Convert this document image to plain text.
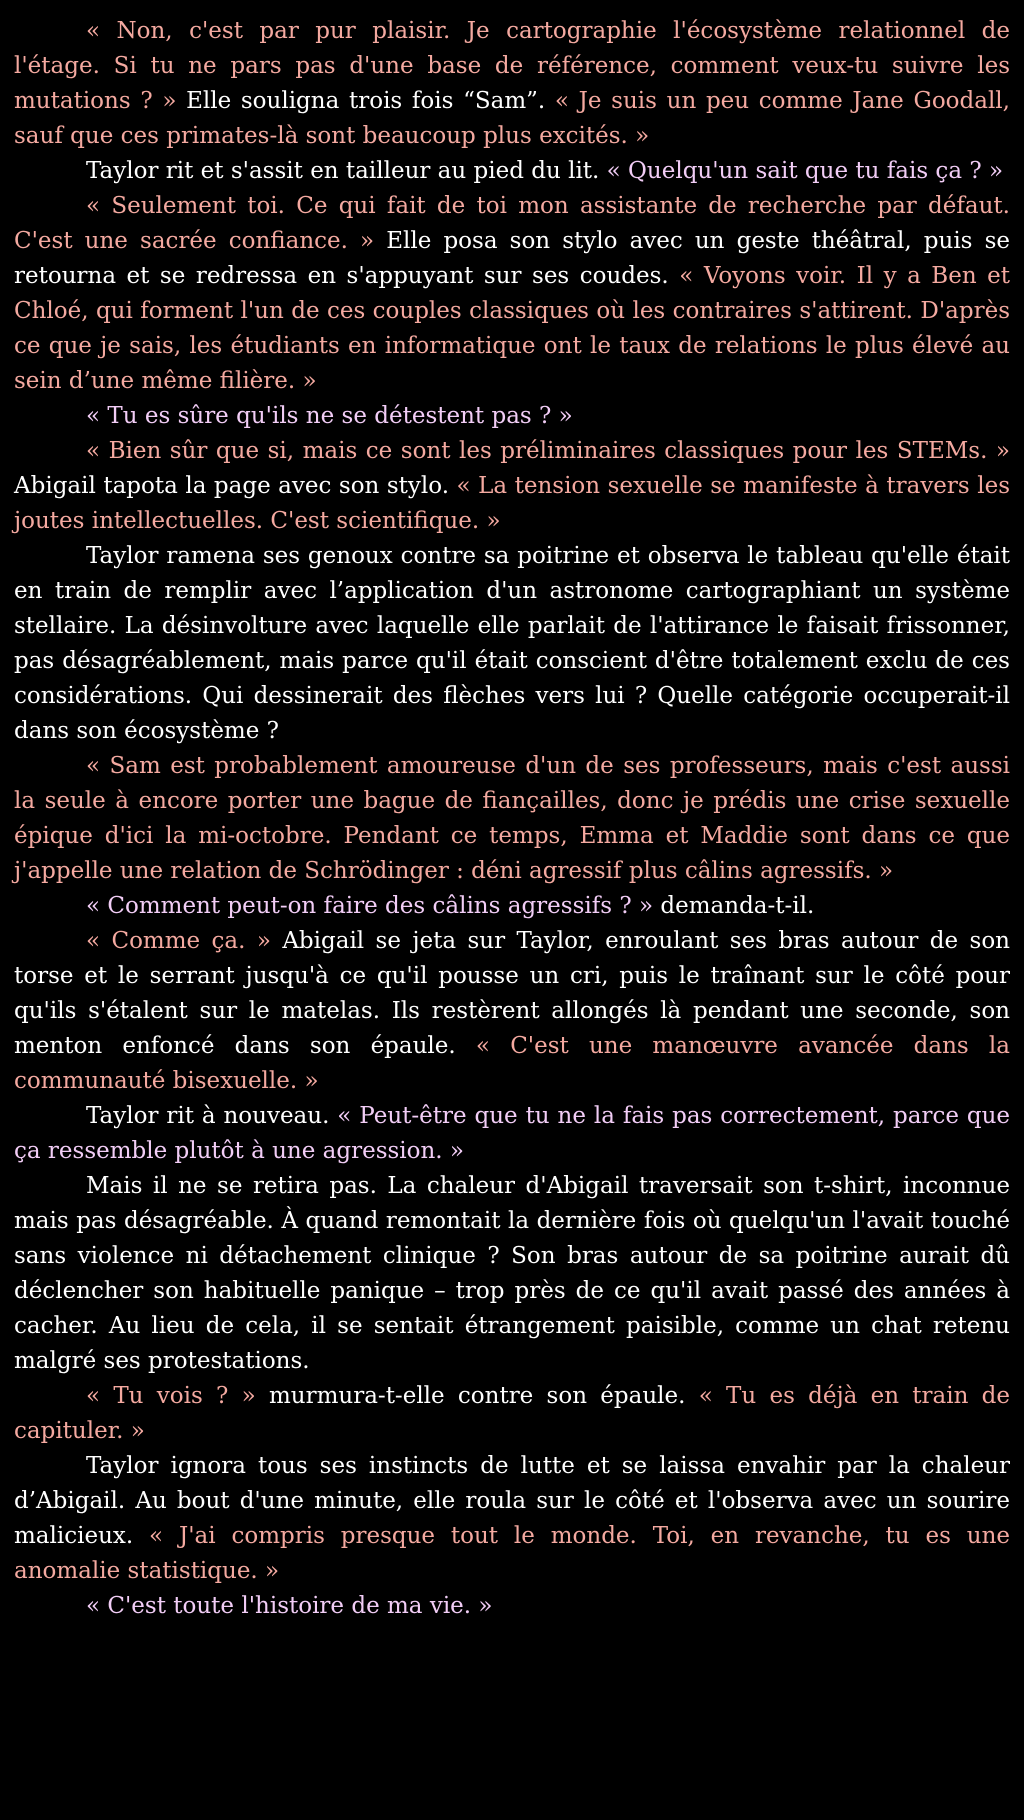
« Non, c'est par pur plaisir. Je cartographie l'écosystème relationnel de l'étage. Si tu ne pars pas d'une base de référence, comment veux-tu suivre les mutations ? » Elle souligna trois fois “Sam”. « Je suis un peu comme Jane Goodall, sauf que ces primates-là sont beaucoup plus excités. »

Taylor rit et s'assit en tailleur au pied du lit. « Quelqu'un sait que tu fais ça ? »

« Seulement toi. Ce qui fait de toi mon assistante de recherche par défaut. C'est une sacrée confiance. » Elle posa son stylo avec un geste théâtral, puis se retourna et se redressa en s'appuyant sur ses coudes. « Voyons voir. Il y a Ben et Chloé, qui forment l'un de ces couples classiques où les contraires s'attirent. D'après ce que je sais, les étudiants en informatique ont le taux de relations le plus élevé au sein d’une même filière. »

« Tu es sûre qu'ils ne se détestent pas ? »

« Bien sûr que si, mais ce sont les préliminaires classiques pour les STEMs. » Abigail tapota la page avec son stylo. « La tension sexuelle se manifeste à travers les joutes intellectuelles. C'est scientifique. »

Taylor ramena ses genoux contre sa poitrine et observa le tableau qu'elle était en train de remplir avec l’application d'un astronome cartographiant un système stellaire. La désinvolture avec laquelle elle parlait de l'attirance le faisait frissonner, pas désagréablement, mais parce qu'il était conscient d'être totalement exclu de ces considérations. Qui dessinerait des flèches vers lui ? Quelle catégorie occuperait-il dans son écosystème ?

« Sam est probablement amoureuse d'un de ses professeurs, mais c'est aussi la seule à encore porter une bague de fiançailles, donc je prédis une crise sexuelle épique d'ici la mi-octobre. Pendant ce temps, Emma et Maddie sont dans ce que j'appelle une relation de Schrödinger : déni agressif plus câlins agressifs. »

« Comment peut-on faire des câlins agressifs ? » demanda-t-il.

« Comme ça. » Abigail se jeta sur Taylor, enroulant ses bras autour de son torse et le serrant jusqu'à ce qu'il pousse un cri, puis le traînant sur le côté pour qu'ils s'étalent sur le matelas. Ils restèrent allongés là pendant une seconde, son menton enfoncé dans son épaule. « C'est une manœuvre avancée dans la communauté bisexuelle. »

Taylor rit à nouveau. « Peut-être que tu ne la fais pas correctement, parce que ça ressemble plutôt à une agression. »

Mais il ne se retira pas. La chaleur d'Abigail traversait son t-shirt, inconnue mais pas désagréable. À quand remontait la dernière fois où quelqu'un l'avait touché sans violence ni détachement clinique ? Son bras autour de sa poitrine aurait dû déclencher son habituelle panique – trop près de ce qu'il avait passé des années à cacher. Au lieu de cela, il se sentait étrangement paisible, comme un chat retenu malgré ses protestations.

« Tu vois ? » murmura-t-elle contre son épaule. « Tu es déjà en train de capituler. »

Taylor ignora tous ses instincts de lutte et se laissa envahir par la chaleur d’Abigail. Au bout d'une minute, elle roula sur le côté et l'observa avec un sourire malicieux. « J'ai compris presque tout le monde. Toi, en revanche, tu es une anomalie statistique. »

« C'est toute l'histoire de ma vie. »
